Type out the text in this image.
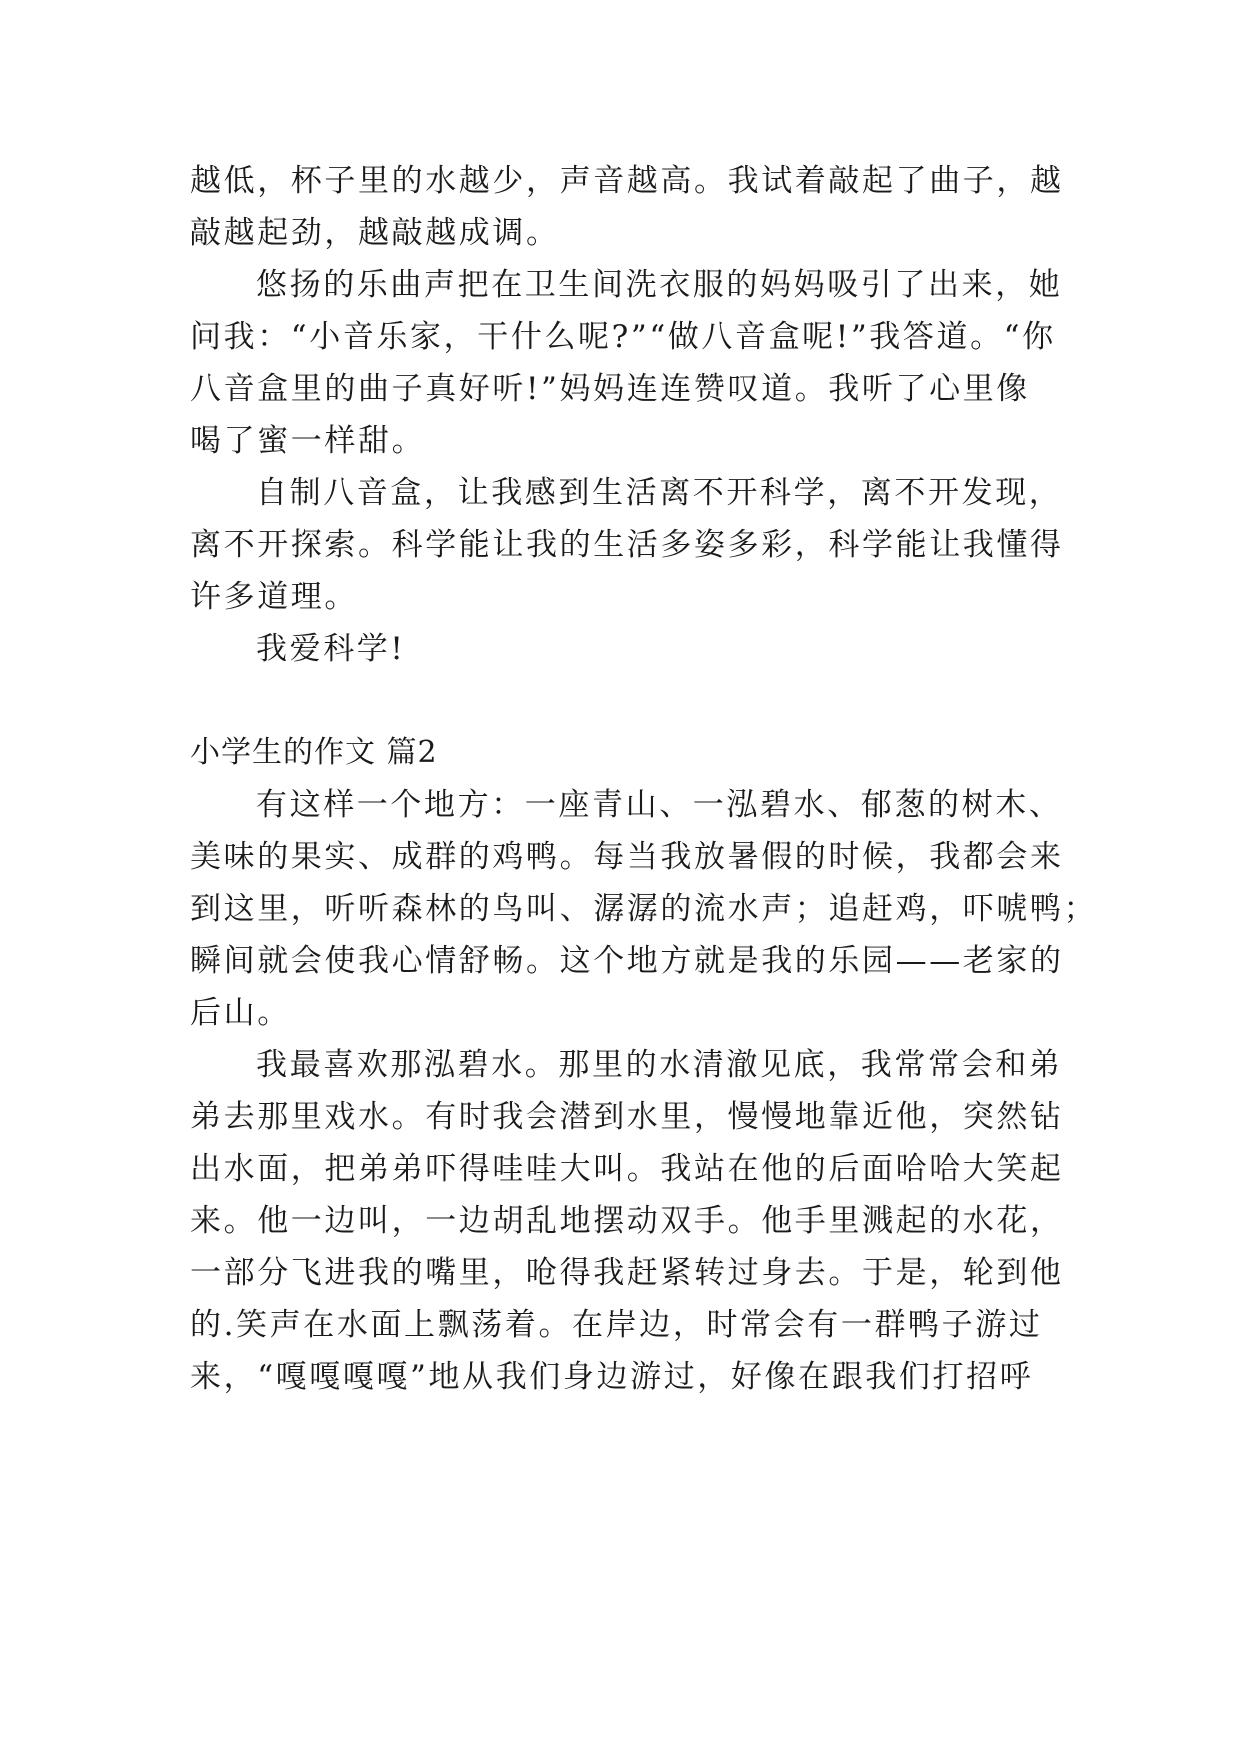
越低，杯子里的水越少，声音越高。我试着敲起了曲子，越
敲越起劲，越敲越成调。
悠扬的乐曲声把在卫生间洗衣服的妈妈吸引了出来，她
问我：“小音乐家，干什么呢?”“做八音盒呢!”我答道。“你
八音盒里的曲子真好听!”妈妈连连赞叹道。我听了心里像
喝了蜜一样甜。
自制八音盒，让我感到生活离不开科学，离不开发现，
离不开探索。科学能让我的生活多姿多彩，科学能让我懂得
许多道理。
我爱科学!
小学生的作文 篇2
有这样一个地方：一座青山、一泓碧水、郁葱的树木、
美味的果实、成群的鸡鸭。每当我放暑假的时候，我都会来
到这里，听听森林的鸟叫、潺潺的流水声；追赶鸡，吓唬鸭；
瞬间就会使我心情舒畅。这个地方就是我的乐园——老家的
后山。
我最喜欢那泓碧水。那里的水清澈见底，我常常会和弟
弟去那里戏水。有时我会潜到水里，慢慢地靠近他，突然钻
出水面，把弟弟吓得哇哇大叫。我站在他的后面哈哈大笑起
来。他一边叫，一边胡乱地摆动双手。他手里溅起的水花，
一部分飞进我的嘴里，呛得我赶紧转过身去。于是，轮到他
的.笑声在水面上飘荡着。在岸边，时常会有一群鸭子游过
来，“嘎嘎嘎嘎”地从我们身边游过，好像在跟我们打招呼
